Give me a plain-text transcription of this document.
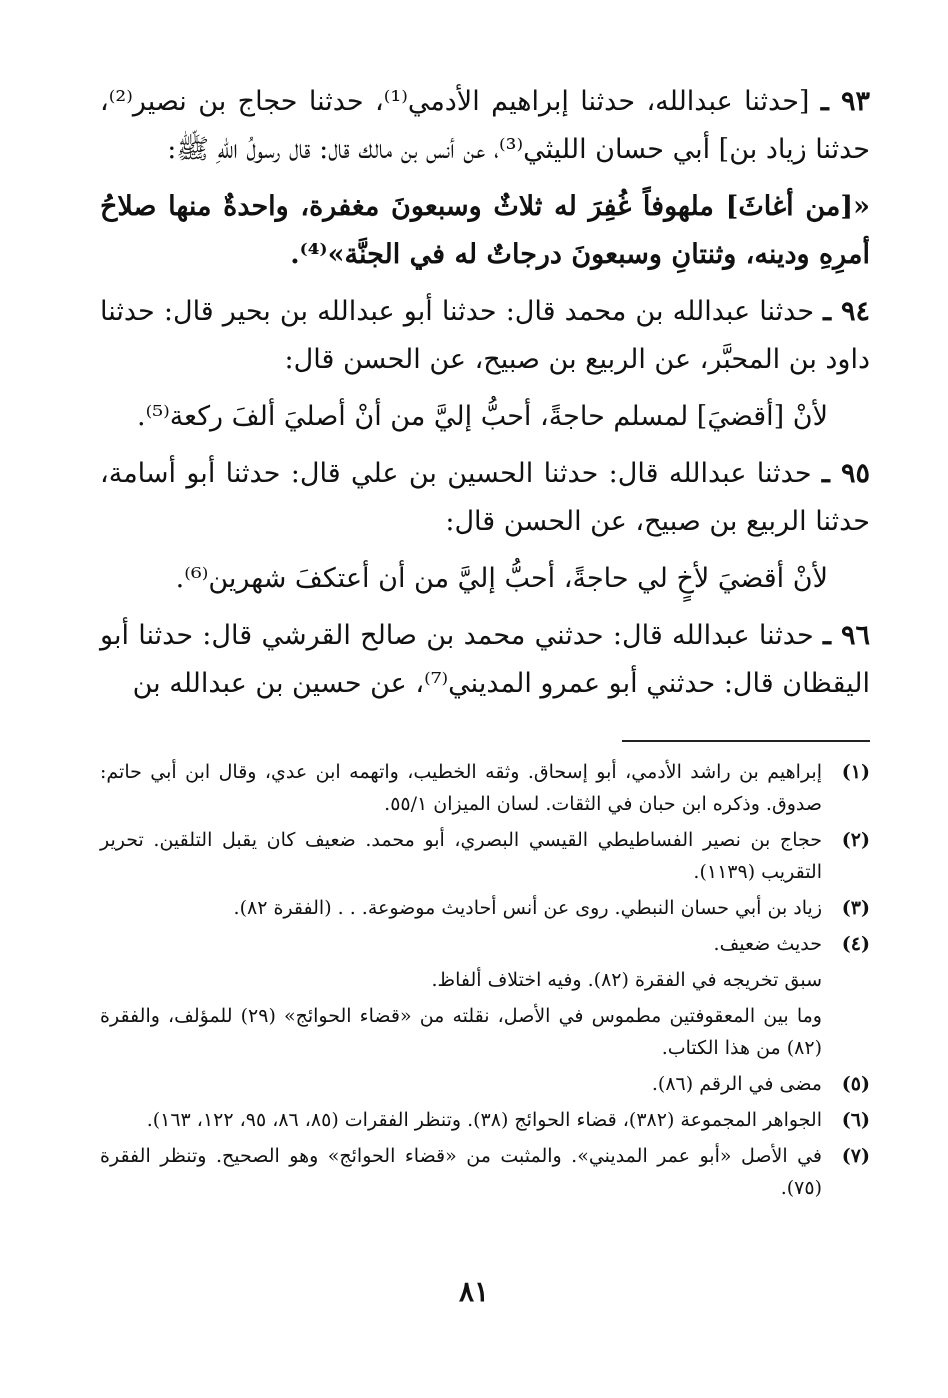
٩٣ ـ [حدثنا عبدالله، حدثنا إبراهيم الأدمي⁽¹⁾، حدثنا حجاج بن نصير⁽²⁾، حدثنا زياد بن] أبي حسان الليثي⁽³⁾، عن أنس بن مالك قال: قال رسولُ اللّهِ ﷺ:

«[من أغاثَ] ملهوفاً غُفِرَ له ثلاثٌ وسبعونَ مغفرة، واحدةٌ منها صلاحُ أمرِهِ ودينه، وثنتانِ وسبعونَ درجاتٌ له في الجنَّة»⁽⁴⁾.

٩٤ ـ حدثنا عبدالله بن محمد قال: حدثنا أبو عبدالله بن بحير قال: حدثنا داود بن المحبَّر، عن الربيع بن صبيح، عن الحسن قال:

لأنْ [أقضيَ] لمسلم حاجةً، أحبُّ إليَّ من أنْ أصليَ ألفَ ركعة⁽⁵⁾.

٩٥ ـ حدثنا عبدالله قال: حدثنا الحسين بن علي قال: حدثنا أبو أسامة، حدثنا الربيع بن صبيح، عن الحسن قال:

لأنْ أقضيَ لأخٍ لي حاجةً، أحبُّ إليَّ من أن أعتكفَ شهرين⁽⁶⁾.

٩٦ ـ حدثنا عبدالله قال: حدثني محمد بن صالح القرشي قال: حدثنا أبو اليقظان قال: حدثني أبو عمرو المديني⁽⁷⁾، عن حسين بن عبدالله بن

(١)
إبراهيم بن راشد الأدمي، أبو إسحاق. وثقه الخطيب، واتهمه ابن عدي، وقال ابن أبي حاتم: صدوق. وذكره ابن حبان في الثقات. لسان الميزان ٥٥/١.
(٢)
حجاج بن نصير الفساطيطي القيسي البصري، أبو محمد. ضعيف كان يقبل التلقين. تحرير التقريب (١١٣٩).
(٣)
زياد بن أبي حسان النبطي. روى عن أنس أحاديث موضوعة. . . (الفقرة ٨٢).
(٤)
حديث ضعيف.
سبق تخريجه في الفقرة (٨٢). وفيه اختلاف ألفاظ.
وما بين المعقوفتين مطموس في الأصل، نقلته من «قضاء الحوائج» (٢٩) للمؤلف، والفقرة (٨٢) من هذا الكتاب.
(٥)
مضى في الرقم (٨٦).
(٦)
الجواهر المجموعة (٣٨٢)، قضاء الحوائج (٣٨). وتنظر الفقرات (٨٥، ٨٦، ٩٥، ١٢٢، ١٦٣).
(٧)
في الأصل «أبو عمر المديني». والمثبت من «قضاء الحوائج» وهو الصحيح. وتنظر الفقرة (٧٥).
٨١
